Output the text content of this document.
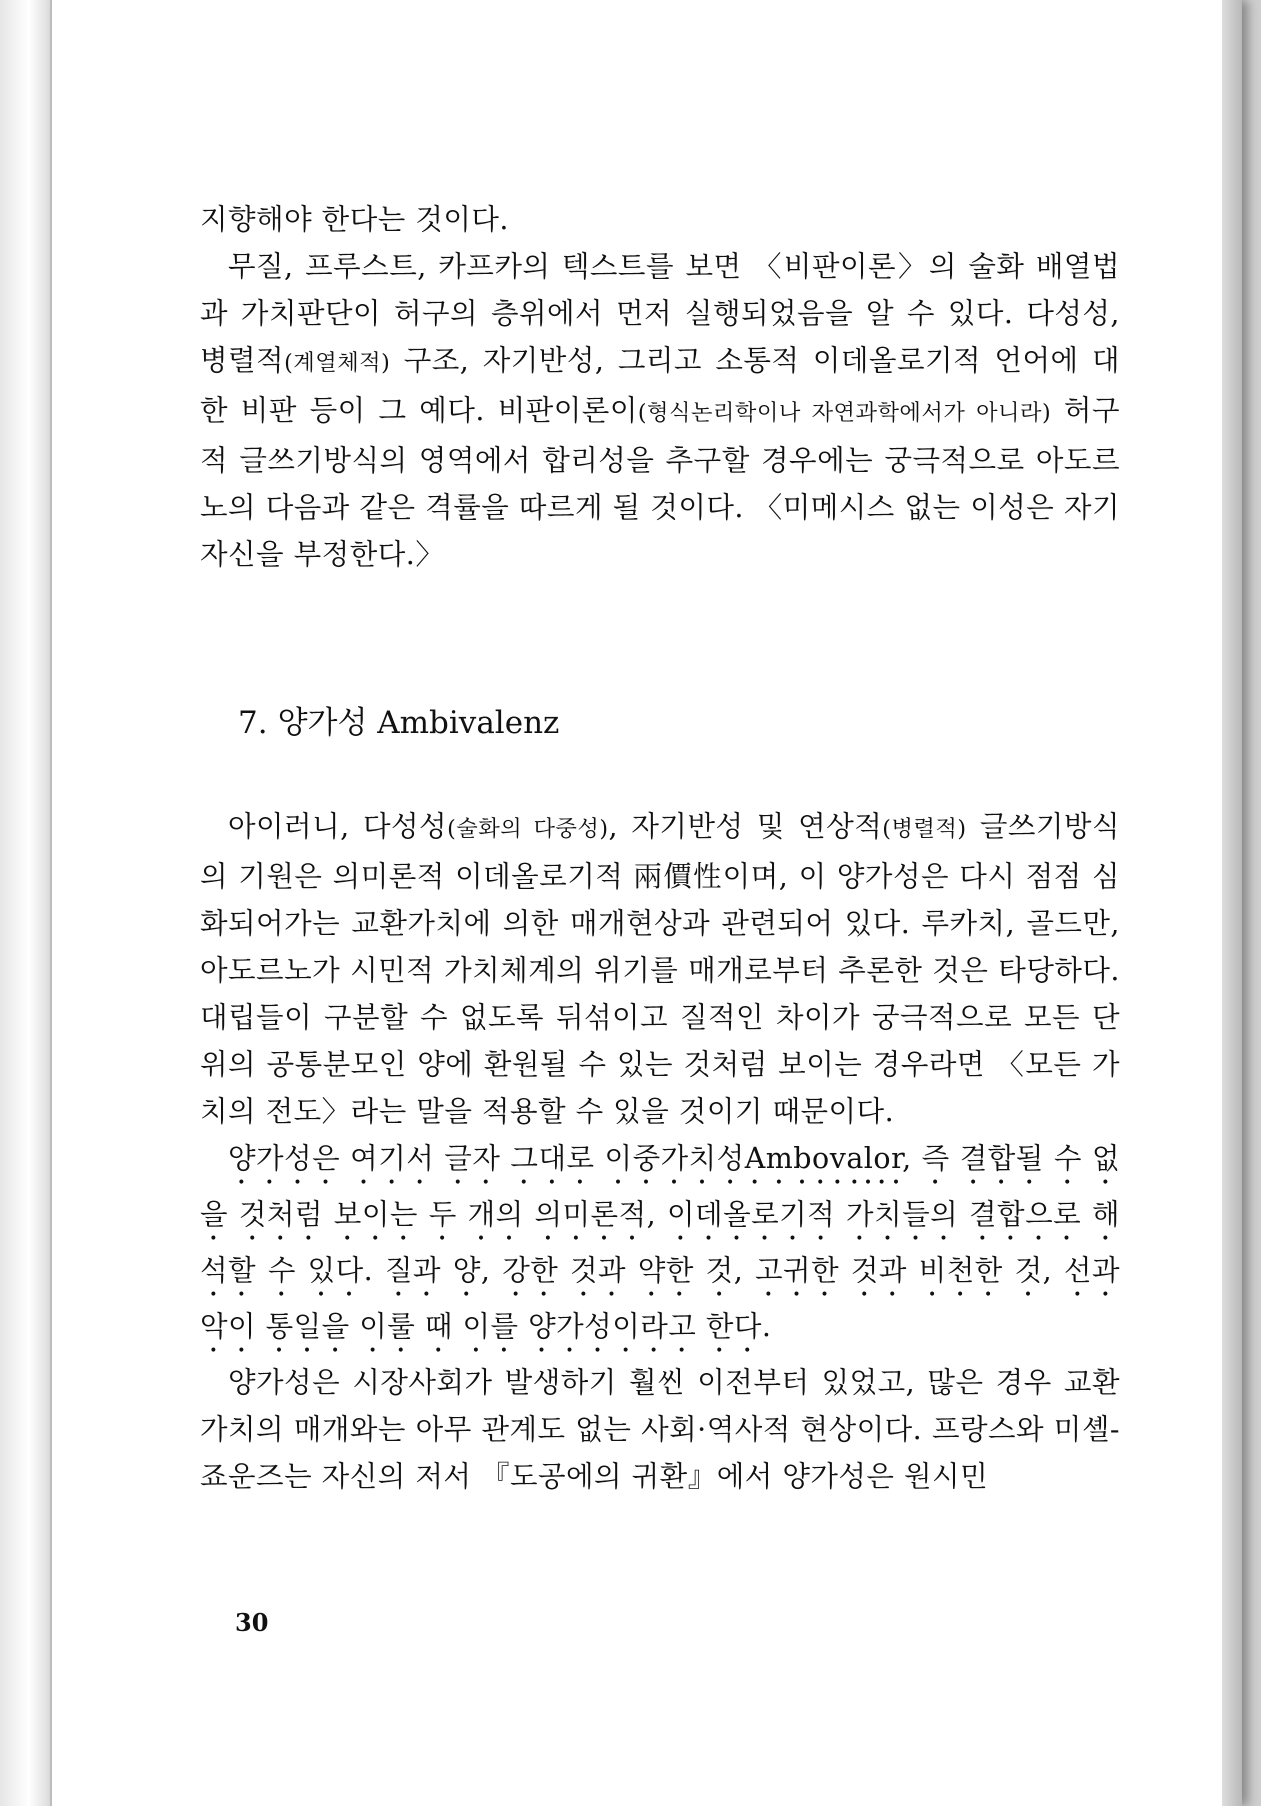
지향해야 한다는 것이다.

무질, 프루스트, 카프카의 텍스트를 보면 〈비판이론〉의 술화 배열법과 가치판단이 허구의 층위에서 먼저 실행되었음을 알 수 있다. 다성성, 병렬적(계열체적) 구조, 자기반성, 그리고 소통적 이데올로기적 언어에 대한 비판 등이 그 예다. 비판이론이(형식논리학이나 자연과학에서가 아니라) 허구적 글쓰기방식의 영역에서 합리성을 추구할 경우에는 궁극적으로 아도르노의 다음과 같은 격률을 따르게 될 것이다. 〈미메시스 없는 이성은 자기자신을 부정한다.〉

7. 양가성 Ambivalenz

아이러니, 다성성(술화의 다중성), 자기반성 및 연상적(병렬적) 글쓰기방식의 기원은 의미론적 이데올로기적 兩價性이며, 이 양가성은 다시 점점 심화되어가는 교환가치에 의한 매개현상과 관련되어 있다. 루카치, 골드만, 아도르노가 시민적 가치체계의 위기를 매개로부터 추론한 것은 타당하다. 대립들이 구분할 수 없도록 뒤섞이고 질적인 차이가 궁극적으로 모든 단위의 공통분모인 양에 환원될 수 있는 것처럼 보이는 경우라면 〈모든 가치의 전도〉라는 말을 적용할 수 있을 것이기 때문이다.

양가성은 여기서 글자 그대로 이중가치성Ambovalor, 즉 결합될 수 없을 것처럼 보이는 두 개의 의미론적, 이데올로기적 가치들의 결합으로 해석할 수 있다. 질과 양, 강한 것과 약한 것, 고귀한 것과 비천한 것, 선과 악이 통일을 이룰 때 이를 양가성이라고 한다.

양가성은 시장사회가 발생하기 훨씬 이전부터 있었고, 많은 경우 교환가치의 매개와는 아무 관계도 없는 사회·역사적 현상이다. 프랑스와 미셸-죠운즈는 자신의 저서 『도공에의 귀환』에서 양가성은 원시민

30
